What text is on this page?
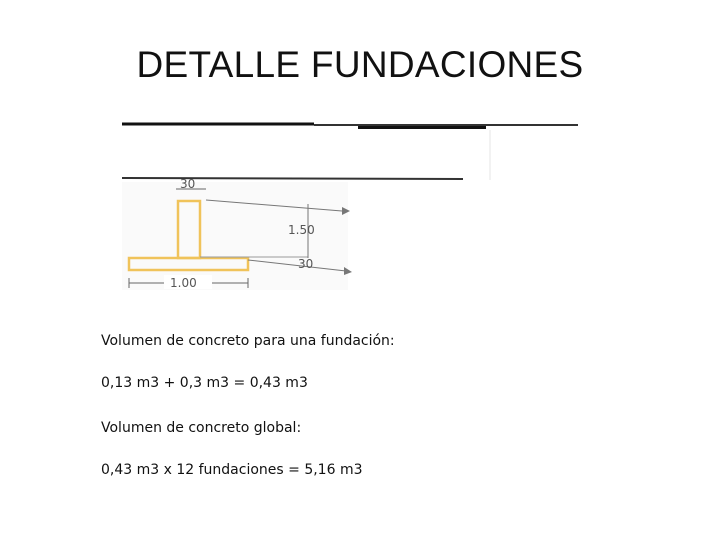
DETALLE FUNDACIONES
30
1.50
30
1.00
Volumen de concreto para una fundación:
0,13 m3 + 0,3 m3 = 0,43 m3
Volumen de concreto global:
0,43 m3 x 12 fundaciones = 5,16 m3
